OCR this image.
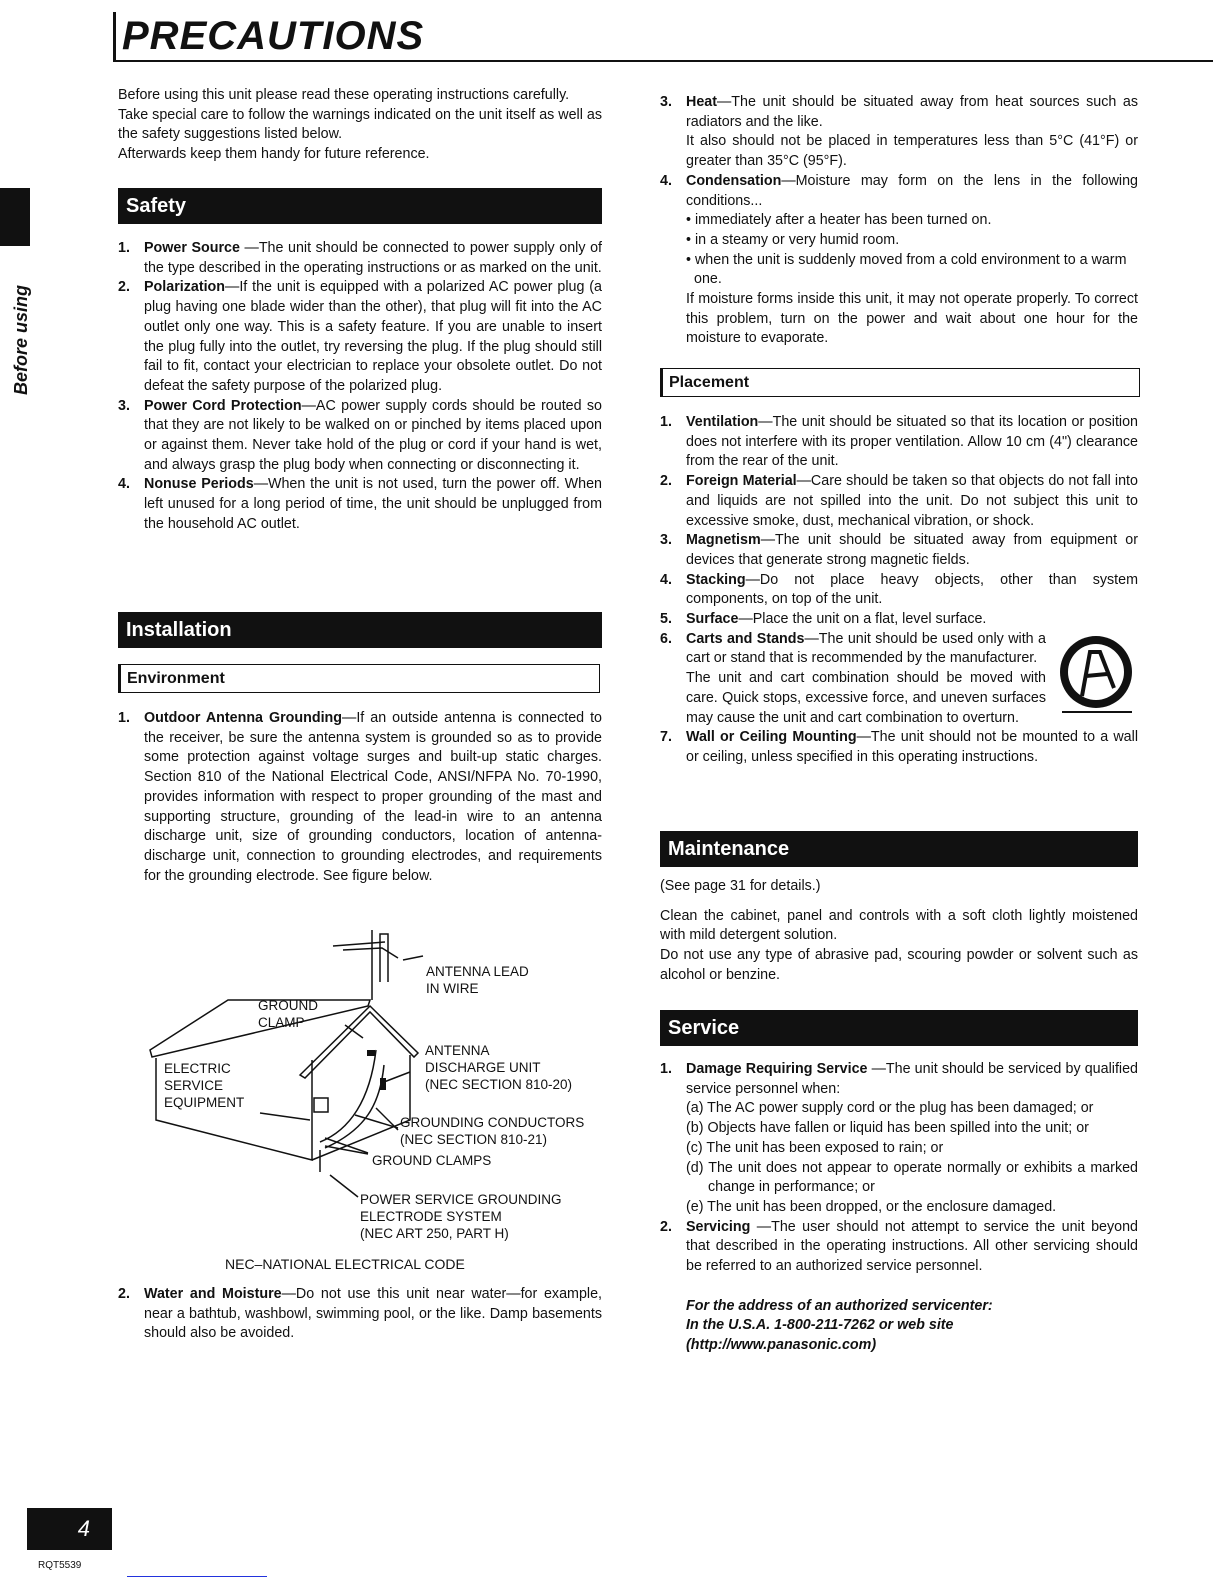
PRECAUTIONS
Before using

Before using this unit please read these operating instructions carefully. Take special care to follow the warnings indicated on the unit itself as well as the safety suggestions listed below.
Afterwards keep them handy for future reference.

Safety
1. Power Source —The unit should be connected to power supply only of the type described in the operating instructions or as marked on the unit.
2. Polarization—If the unit is equipped with a polarized AC power plug (a plug having one blade wider than the other), that plug will fit into the AC outlet only one way. This is a safety feature. If you are unable to insert the plug fully into the outlet, try reversing the plug. If the plug should still fail to fit, contact your electrician to replace your obsolete outlet. Do not defeat the safety purpose of the polarized plug.
3. Power Cord Protection—AC power supply cords should be routed so that they are not likely to be walked on or pinched by items placed upon or against them. Never take hold of the plug or cord if your hand is wet, and always grasp the plug body when connecting or disconnecting it.
4. Nonuse Periods—When the unit is not used, turn the power off. When left unused for a long period of time, the unit should be unplugged from the household AC outlet.
Installation
Environment
1. Outdoor Antenna Grounding—If an outside antenna is connected to the receiver, be sure the antenna system is grounded so as to provide some protection against voltage surges and built-up static charges. Section 810 of the National Electrical Code, ANSI/NFPA No. 70-1990, provides information with respect to proper grounding of the mast and supporting structure, grounding of the lead-in wire to an antenna discharge unit, size of grounding conductors, location of antenna-discharge unit, connection to grounding electrodes, and requirements for the grounding electrode. See figure below.
ANTENNA LEAD
IN WIRE
GROUND
CLAMP
ELECTRIC
SERVICE
EQUIPMENT
ANTENNA
DISCHARGE UNIT
(NEC SECTION 810-20)
GROUNDING CONDUCTORS
(NEC SECTION 810-21)
GROUND CLAMPS
POWER SERVICE GROUNDING
ELECTRODE SYSTEM
(NEC ART 250, PART H)
NEC–NATIONAL ELECTRICAL CODE
2. Water and Moisture—Do not use this unit near water—for example, near a bathtub, washbowl, swimming pool, or the like. Damp basements should also be avoided.
3. Heat—The unit should be situated away from heat sources such as radiators and the like.
It also should not be placed in temperatures less than 5°C (41°F) or greater than 35°C (95°F).
4. Condensation—Moisture may form on the lens in the following conditions...
• immediately after a heater has been turned on.
• in a steamy or very humid room.
• when the unit is suddenly moved from a cold environment to a warm one.

If moisture forms inside this unit, it may not operate properly. To correct this problem, turn on the power and wait about one hour for the moisture to evaporate.

Placement
1. Ventilation—The unit should be situated so that its location or position does not interfere with its proper ventilation. Allow 10 cm (4") clearance from the rear of the unit.
2. Foreign Material—Care should be taken so that objects do not fall into and liquids are not spilled into the unit. Do not subject this unit to excessive smoke, dust, mechanical vibration, or shock.
3. Magnetism—The unit should be situated away from equipment or devices that generate strong magnetic fields.
4. Stacking—Do not place heavy objects, other than system components, on top of the unit.
5. Surface—Place the unit on a flat, level surface.
6. Carts and Stands—The unit should be used only with a cart or stand that is recommended by the manufacturer.
The unit and cart combination should be moved with care. Quick stops, excessive force, and uneven surfaces may cause the unit and cart combination to overturn.
7. Wall or Ceiling Mounting—The unit should not be mounted to a wall or ceiling, unless specified in this operating instructions.
Maintenance

(See page 31 for details.)

Clean the cabinet, panel and controls with a soft cloth lightly moistened with mild detergent solution.

Do not use any type of abrasive pad, scouring powder or solvent such as alcohol or benzine.

Service
1. Damage Requiring Service —The unit should be serviced by qualified service personnel when:
(a) The AC power supply cord or the plug has been damaged; or
(b) Objects have fallen or liquid has been spilled into the unit; or
(c) The unit has been exposed to rain; or
(d) The unit does not appear to operate normally or exhibits a marked change in performance; or
(e) The unit has been dropped, or the enclosure damaged.
2. Servicing —The user should not attempt to service the unit beyond that described in the operating instructions. All other servicing should be referred to an authorized service personnel.
For the address of an authorized servicenter:
In the U.S.A. 1-800-211-7262 or web site
(http://www.panasonic.com)
4
RQT5539
